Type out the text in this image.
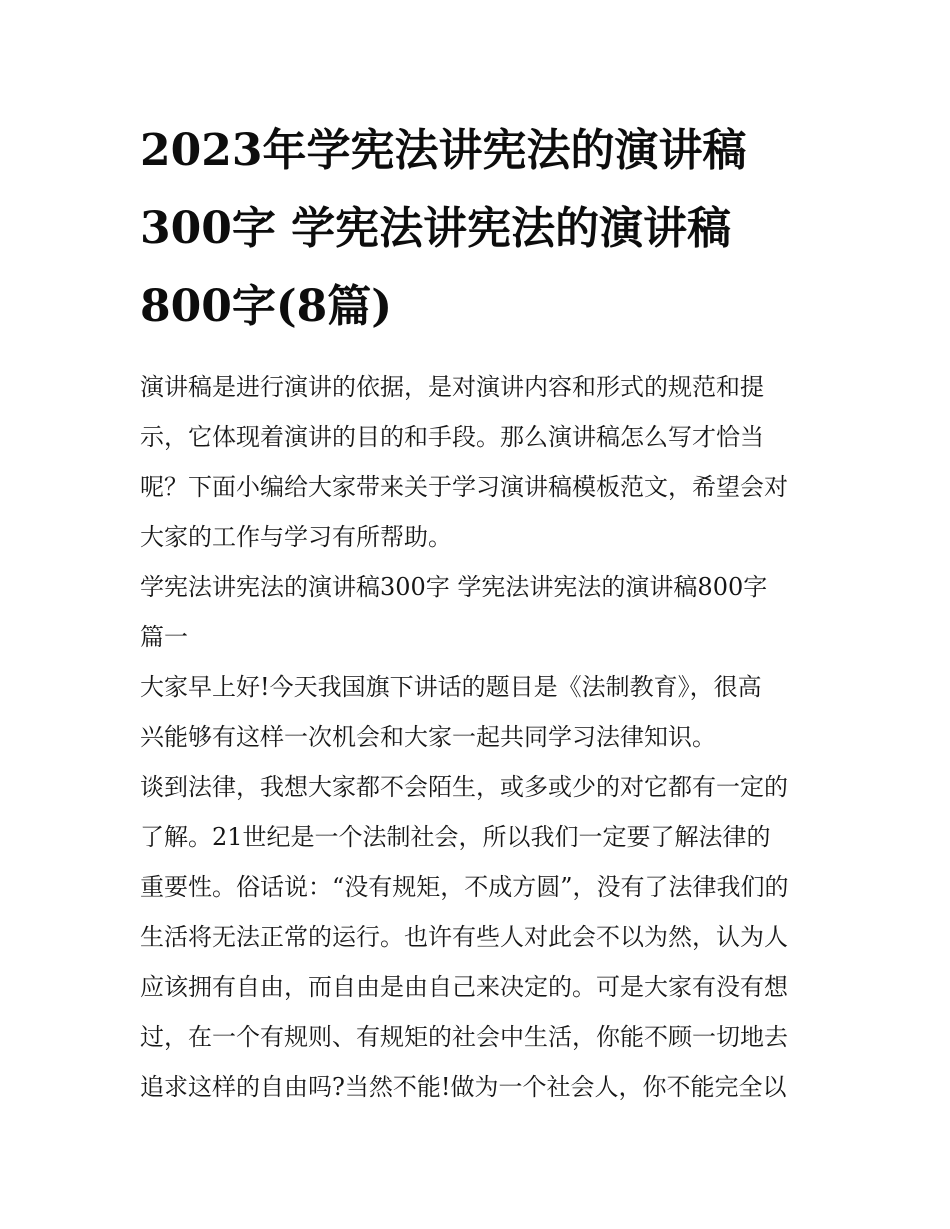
2023年学宪法讲宪法的演讲稿
300字 学宪法讲宪法的演讲稿
800字(8篇)

演讲稿是进行演讲的依据，是对演讲内容和形式的规范和提
示，它体现着演讲的目的和手段。那么演讲稿怎么写才恰当
呢？下面小编给大家带来关于学习演讲稿模板范文，希望会对
大家的工作与学习有所帮助。

学宪法讲宪法的演讲稿300字 学宪法讲宪法的演讲稿800字
篇一

大家早上好!今天我国旗下讲话的题目是《法制教育》，很高
兴能够有这样一次机会和大家一起共同学习法律知识。

谈到法律，我想大家都不会陌生，或多或少的对它都有一定的
了解。21世纪是一个法制社会，所以我们一定要了解法律的
重要性。俗话说：“没有规矩，不成方圆”，没有了法律我们的
生活将无法正常的运行。也许有些人对此会不以为然，认为人
应该拥有自由，而自由是由自己来决定的。可是大家有没有想
过，在一个有规则、有规矩的社会中生活，你能不顾一切地去
追求这样的自由吗?当然不能!做为一个社会人，你不能完全以
